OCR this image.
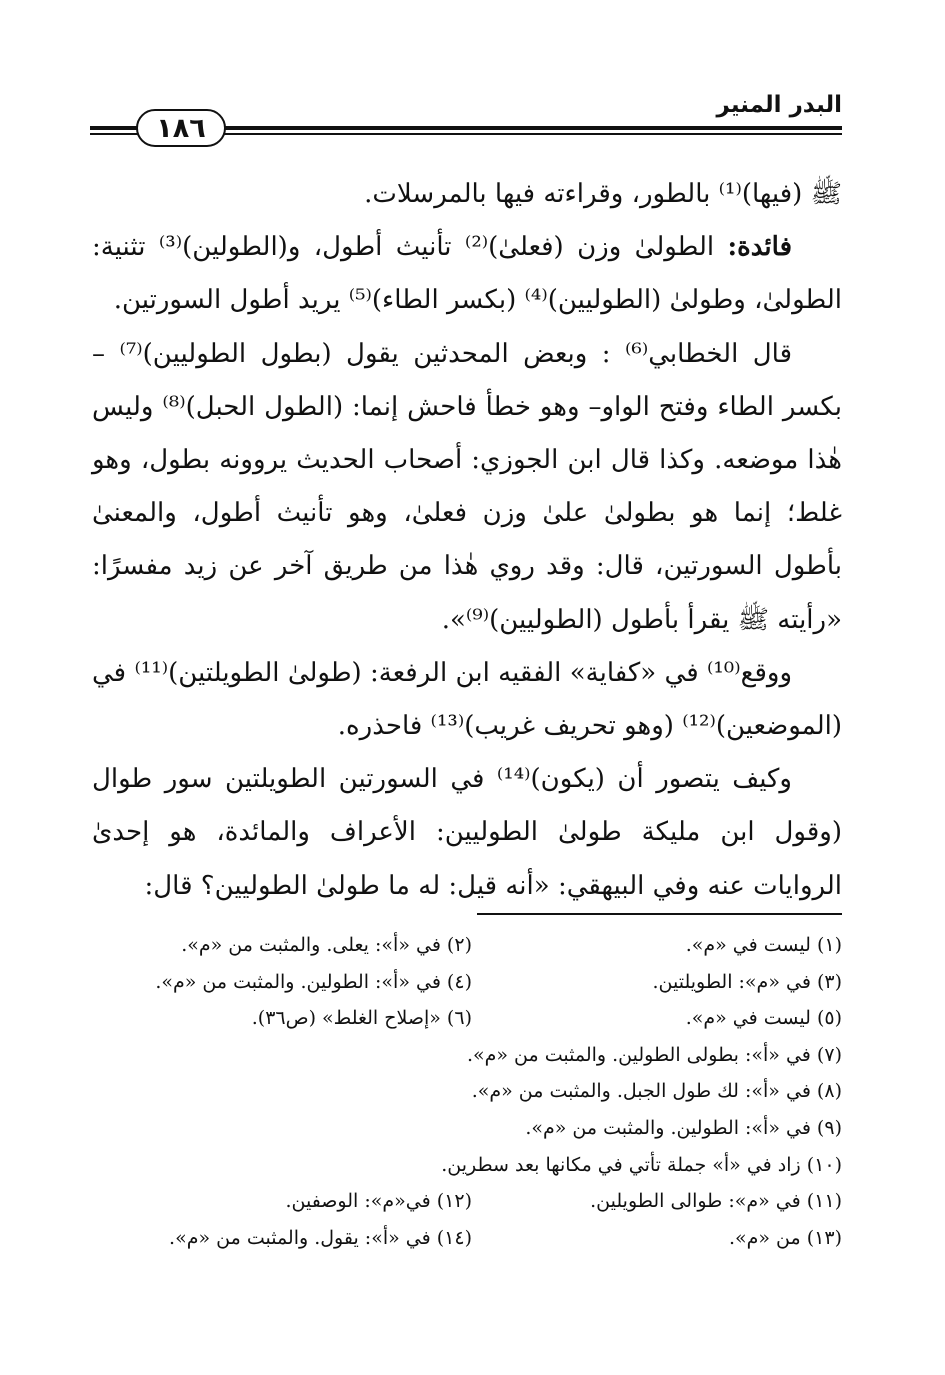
البدر المنير
١٨٦

ﷺ (فيها)⁽¹⁾ بالطور، وقراءته فيها بالمرسلات.

فائدة: الطولىٰ وزن (فعلىٰ)⁽²⁾ تأنيث أطول، و(الطولين)⁽³⁾ تثنية: الطولىٰ، وطولىٰ (الطوليين)⁽⁴⁾ (بكسر الطاء)⁽⁵⁾ يريد أطول السورتين.

قال الخطابي⁽⁶⁾ : وبعض المحدثين يقول (بطول الطوليين)⁽⁷⁾ – بكسر الطاء وفتح الواو– وهو خطأ فاحش إنما: (الطول الحبل)⁽⁸⁾ وليس هٰذا موضعه. وكذا قال ابن الجوزي: أصحاب الحديث يروونه بطول، وهو غلط؛ إنما هو بطولىٰ علىٰ وزن فعلىٰ، وهو تأنيث أطول، والمعنىٰ بأطول السورتين، قال: وقد روي هٰذا من طريق آخر عن زيد مفسرًا: «رأيته ﷺ يقرأ بأطول (الطوليين)⁽⁹⁾».

ووقع⁽¹⁰⁾ في «كفاية» الفقيه ابن الرفعة: (طولىٰ الطويلتين)⁽¹¹⁾ في (الموضعين)⁽¹²⁾ (وهو تحريف غريب)⁽¹³⁾ فاحذره.

وكيف يتصور أن (يكون)⁽¹⁴⁾ في السورتين الطويلتين سور طوال (وقول ابن مليكة طولىٰ الطوليين: الأعراف والمائدة، هو إحدىٰ الروايات عنه وفي البيهقي: «أنه قيل: له ما طولىٰ الطوليين؟ قال:

(١) ليست في «م».
(٢) في «أ»: يعلى. والمثبت من «م».
(٣) في «م»: الطويلتين.
(٤) في «أ»: الطولين. والمثبت من «م».
(٥) ليست في «م».
(٦) «إصلاح الغلط» (ص٣٦).
(٧) في «أ»: بطولى الطولين. والمثبت من «م».
(٨) في «أ»: لك طول الجبل. والمثبت من «م».
(٩) في «أ»: الطولين. والمثبت من «م».
(١٠) زاد في «أ» جملة تأتي في مكانها بعد سطرين.
(١١) في «م»: طوالى الطويلين.
(١٢) في«م»: الوصفين.
(١٣) من «م».
(١٤) في «أ»: يقول. والمثبت من «م».
